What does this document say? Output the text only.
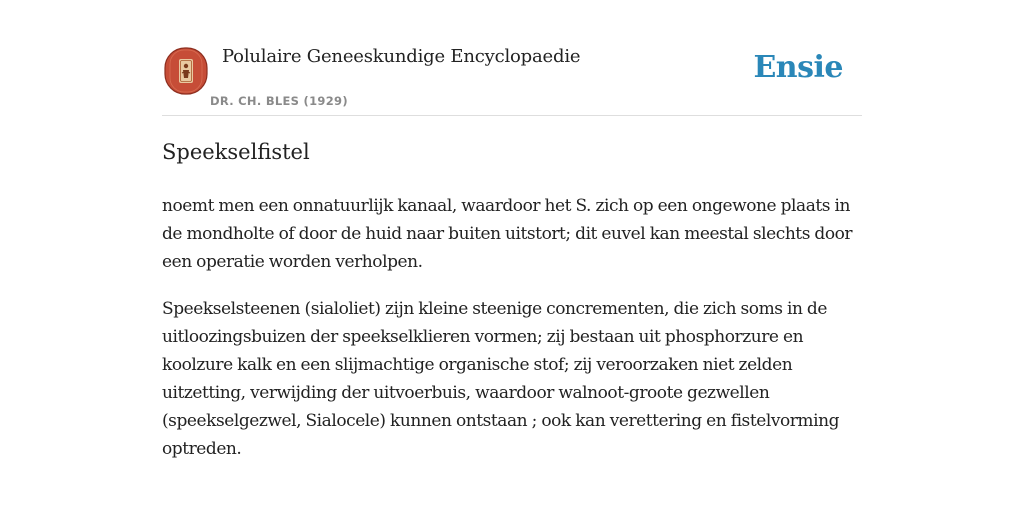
Polulaire Geneeskundige Encyclopaedie
DR. CH. BLES (1929)
Ensie
Speekselfistel

noemt men een onnatuurlijk kanaal, waardoor het S. zich op een ongewone plaats in de mondholte of door de huid naar buiten uitstort; dit euvel kan meestal slechts door een operatie worden verholpen.

Speekselsteenen (sialoliet) zijn kleine steenige concrementen, die zich soms in de uitloozingsbuizen der speekselklieren vormen; zij bestaan uit phosphorzure en koolzure kalk en een slijmachtige organische stof; zij veroorzaken niet zelden uitzetting, verwijding der uitvoerbuis, waardoor walnoot-groote gezwellen (speekselgezwel, Sialocele) kunnen ontstaan ; ook kan verettering en fistelvorming optreden.
